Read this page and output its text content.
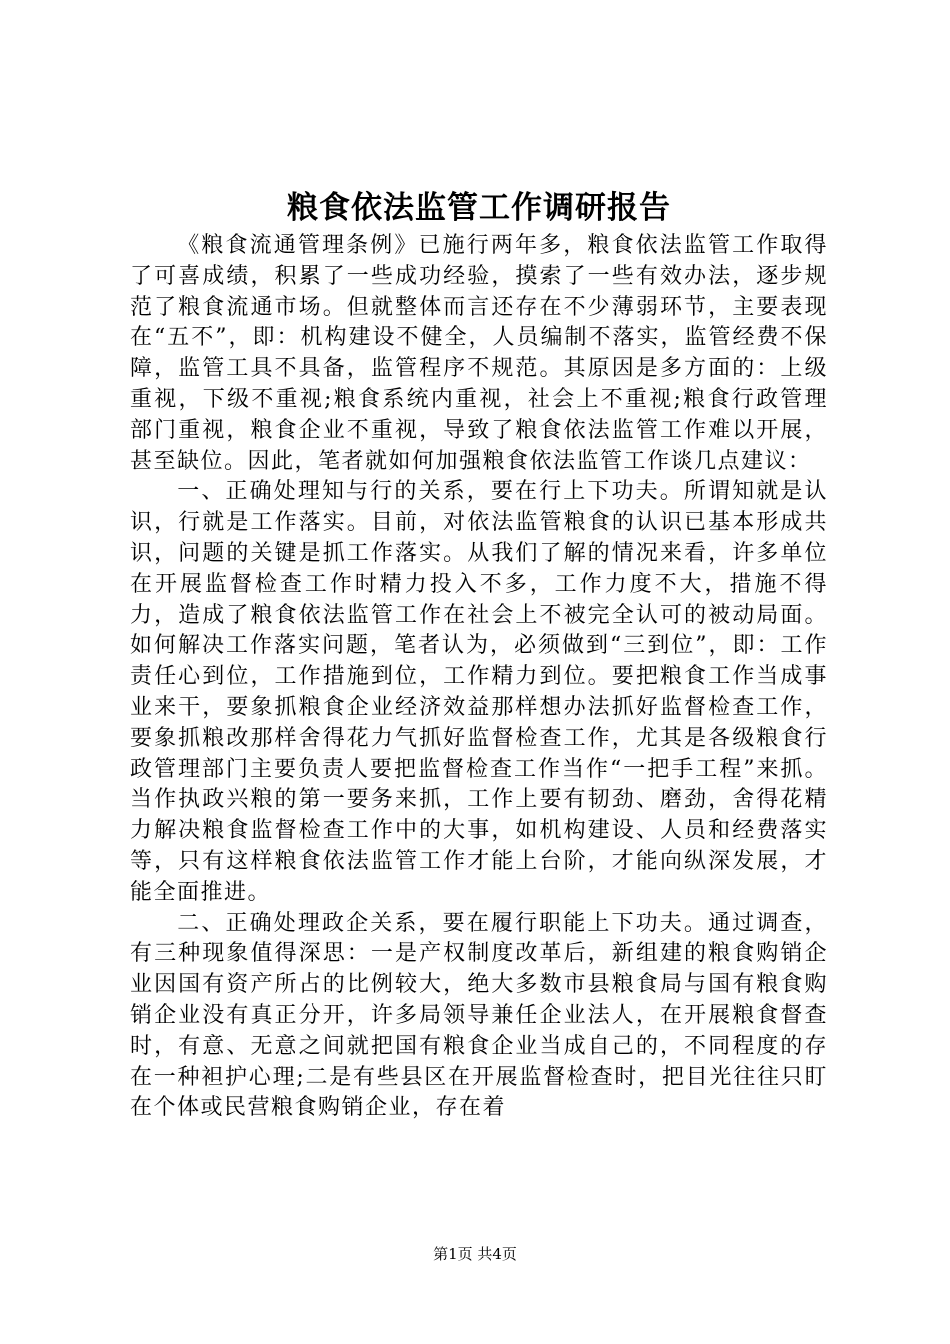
粮食依法监管工作调研报告

《粮食流通管理条例》已施行两年多，粮食依法监管工作取得了可喜成绩，积累了一些成功经验，摸索了一些有效办法，逐步规范了粮食流通市场。但就整体而言还存在不少薄弱环节，主要表现在“五不”，即：机构建设不健全，人员编制不落实，监管经费不保障，监管工具不具备，监管程序不规范。其原因是多方面的：上级重视，下级不重视;粮食系统内重视，社会上不重视;粮食行政管理部门重视，粮食企业不重视，导致了粮食依法监管工作难以开展，甚至缺位。因此，笔者就如何加强粮食依法监管工作谈几点建议：

一、正确处理知与行的关系，要在行上下功夫。所谓知就是认识，行就是工作落实。目前，对依法监管粮食的认识已基本形成共识，问题的关键是抓工作落实。从我们了解的情况来看，许多单位在开展监督检查工作时精力投入不多，工作力度不大，措施不得力，造成了粮食依法监管工作在社会上不被完全认可的被动局面。如何解决工作落实问题，笔者认为，必须做到“三到位”，即：工作责任心到位，工作措施到位，工作精力到位。要把粮食工作当成事业来干，要象抓粮食企业经济效益那样想办法抓好监督检查工作，要象抓粮改那样舍得花力气抓好监督检查工作，尤其是各级粮食行政管理部门主要负责人要把监督检查工作当作“一把手工程”来抓。当作执政兴粮的第一要务来抓，工作上要有韧劲、磨劲，舍得花精力解决粮食监督检查工作中的大事，如机构建设、人员和经费落实等，只有这样粮食依法监管工作才能上台阶，才能向纵深发展，才能全面推进。

二、正确处理政企关系，要在履行职能上下功夫。通过调查，有三种现象值得深思：一是产权制度改革后，新组建的粮食购销企业因国有资产所占的比例较大，绝大多数市县粮食局与国有粮食购销企业没有真正分开，许多局领导兼任企业法人，在开展粮食督查时，有意、无意之间就把国有粮食企业当成自己的，不同程度的存在一种袒护心理;二是有些县区在开展监督检查时，把目光往往只盯在个体或民营粮食购销企业，存在着

第1页 共4页
